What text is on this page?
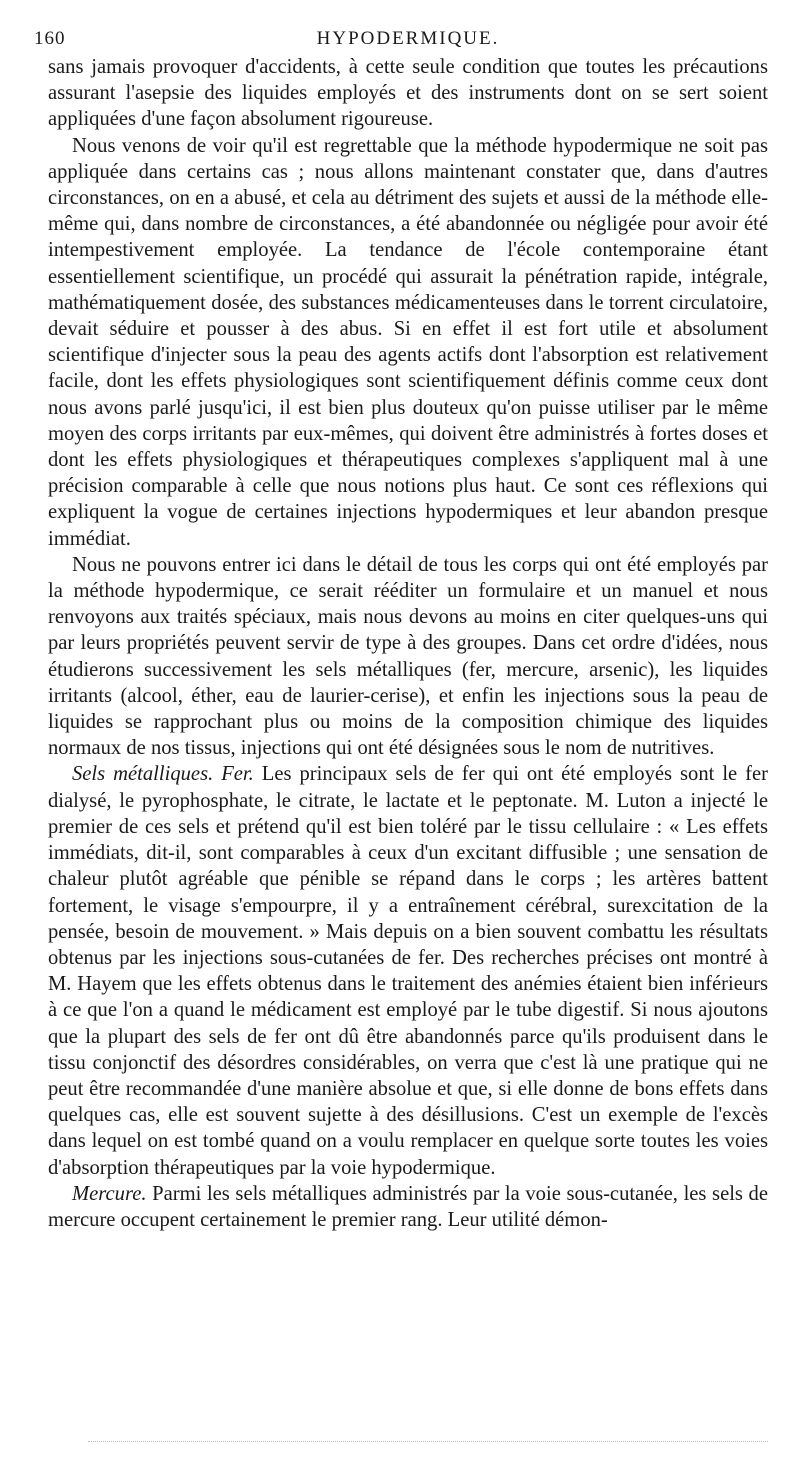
160	HYPODERMIQUE.

sans jamais provoquer d'accidents, à cette seule condition que toutes les précautions assurant l'asepsie des liquides employés et des instruments dont on se sert soient appliquées d'une façon absolument rigoureuse.

Nous venons de voir qu'il est regrettable que la méthode hypodermique ne soit pas appliquée dans certains cas ; nous allons maintenant constater que, dans d'autres circonstances, on en a abusé, et cela au détriment des sujets et aussi de la méthode elle-même qui, dans nombre de circonstances, a été abandonnée ou négligée pour avoir été intempestivement employée. La tendance de l'école contemporaine étant essentiellement scientifique, un procédé qui assurait la pénétration rapide, intégrale, mathématiquement dosée, des substances médicamenteuses dans le torrent circulatoire, devait séduire et pousser à des abus. Si en effet il est fort utile et absolument scientifique d'injecter sous la peau des agents actifs dont l'absorption est relativement facile, dont les effets physiologiques sont scientifiquement définis comme ceux dont nous avons parlé jusqu'ici, il est bien plus douteux qu'on puisse utiliser par le même moyen des corps irritants par eux-mêmes, qui doivent être administrés à fortes doses et dont les effets physiologiques et thérapeutiques complexes s'appliquent mal à une précision comparable à celle que nous notions plus haut. Ce sont ces réflexions qui expliquent la vogue de certaines injections hypodermiques et leur abandon presque immédiat.

Nous ne pouvons entrer ici dans le détail de tous les corps qui ont été employés par la méthode hypodermique, ce serait rééditer un formulaire et un manuel et nous renvoyons aux traités spéciaux, mais nous devons au moins en citer quelques-uns qui par leurs propriétés peuvent servir de type à des groupes. Dans cet ordre d'idées, nous étudierons successivement les sels métalliques (fer, mercure, arsenic), les liquides irritants (alcool, éther, eau de laurier-cerise), et enfin les injections sous la peau de liquides se rapprochant plus ou moins de la composition chimique des liquides normaux de nos tissus, injections qui ont été désignées sous le nom de nutritives.

Sels métalliques. Fer. Les principaux sels de fer qui ont été employés sont le fer dialysé, le pyrophosphate, le citrate, le lactate et le peptonate. M. Luton a injecté le premier de ces sels et prétend qu'il est bien toléré par le tissu cellulaire : « Les effets immédiats, dit-il, sont comparables à ceux d'un excitant diffusible ; une sensation de chaleur plutôt agréable que pénible se répand dans le corps ; les artères battent fortement, le visage s'empourpre, il y a entraînement cérébral, surexcitation de la pensée, besoin de mouvement. » Mais depuis on a bien souvent combattu les résultats obtenus par les injections sous-cutanées de fer. Des recherches précises ont montré à M. Hayem que les effets obtenus dans le traitement des anémies étaient bien inférieurs à ce que l'on a quand le médicament est employé par le tube digestif. Si nous ajoutons que la plupart des sels de fer ont dû être abandonnés parce qu'ils produisent dans le tissu conjonctif des désordres considérables, on verra que c'est là une pratique qui ne peut être recommandée d'une manière absolue et que, si elle donne de bons effets dans quelques cas, elle est souvent sujette à des désillusions. C'est un exemple de l'excès dans lequel on est tombé quand on a voulu remplacer en quelque sorte toutes les voies d'absorption thérapeutiques par la voie hypodermique.

Mercure. Parmi les sels métalliques administrés par la voie sous-cutanée, les sels de mercure occupent certainement le premier rang. Leur utilité démon-
